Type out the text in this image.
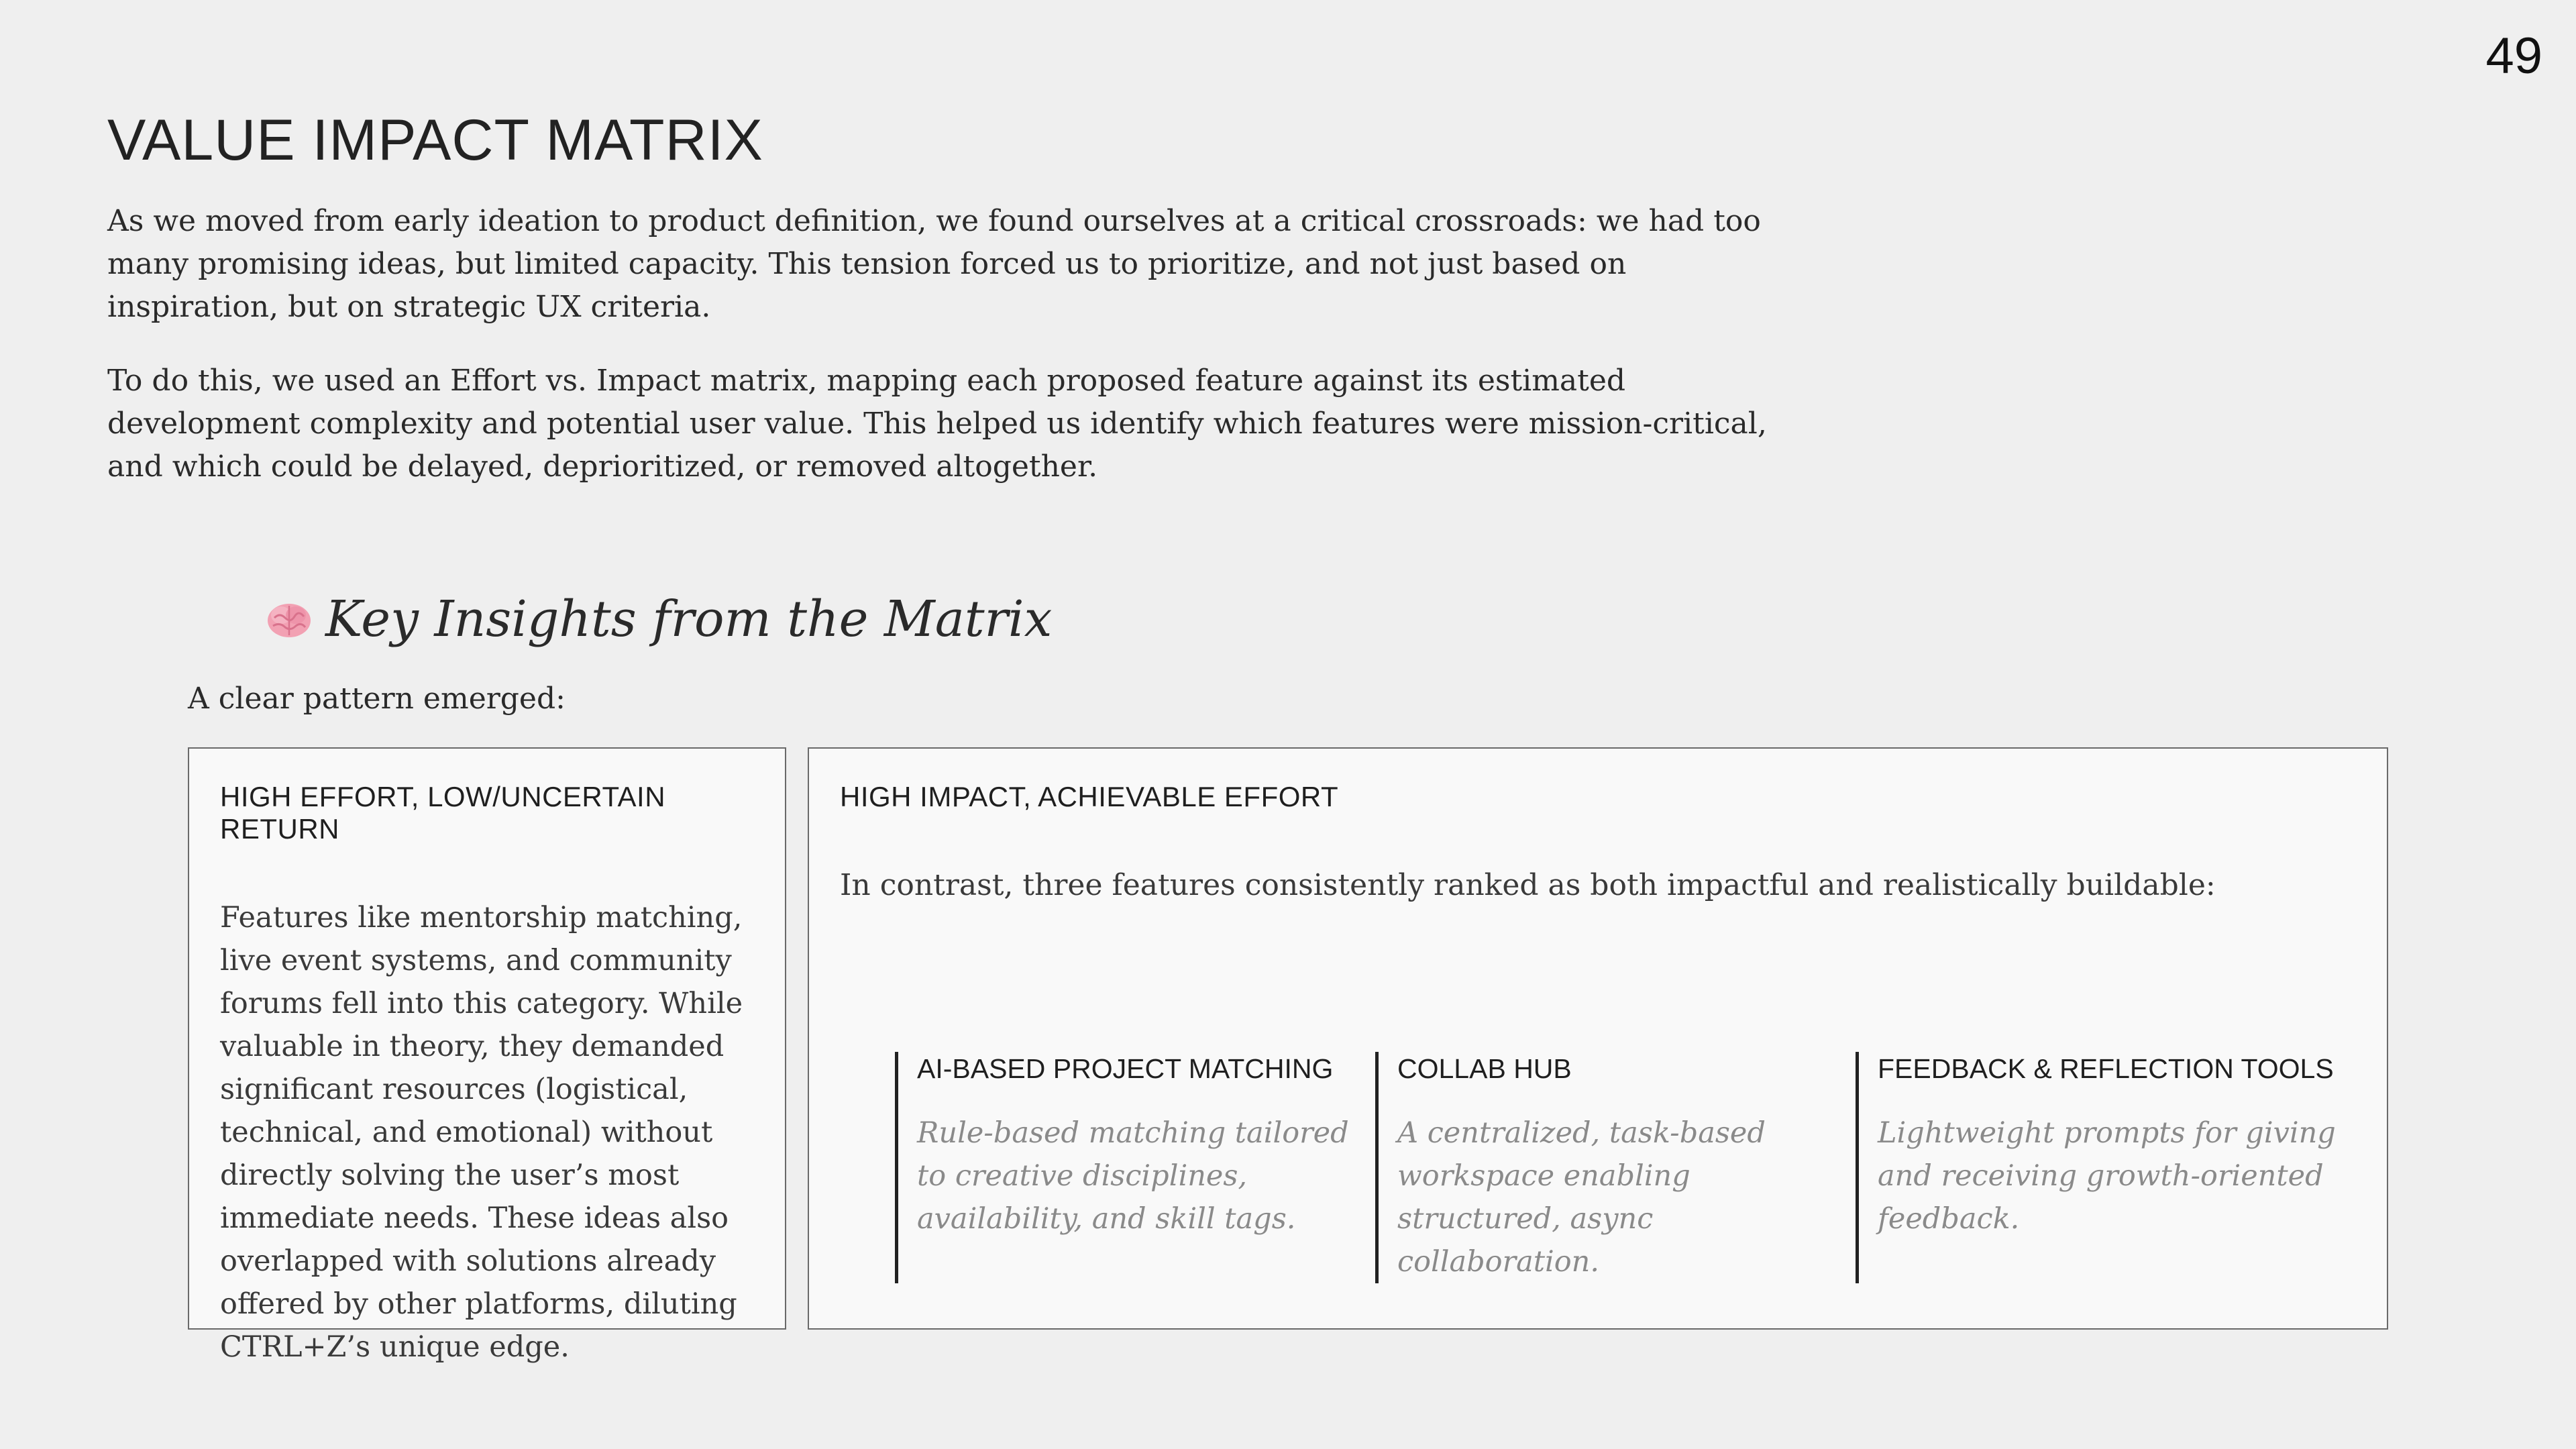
49
VALUE IMPACT MATRIX

As we moved from early ideation to product definition, we found ourselves at a critical crossroads: we had too many promising ideas, but limited capacity. This tension forced us to prioritize, and not just based on inspiration, but on strategic UX criteria.

To do this, we used an Effort vs. Impact matrix, mapping each proposed feature against its estimated development complexity and potential user value. This helped us identify which features were mission-critical, and which could be delayed, deprioritized, or removed altogether.

Key Insights from the Matrix
A clear pattern emerged:
HIGH EFFORT, LOW/UNCERTAIN RETURN
Features like mentorship matching, live event systems, and community forums fell into this category. While valuable in theory, they demanded significant resources (logistical, technical, and emotional) without directly solving the user’s most immediate needs. These ideas also overlapped with solutions already offered by other platforms, diluting CTRL+Z’s unique edge.
HIGH IMPACT, ACHIEVABLE EFFORT
In contrast, three features consistently ranked as both impactful and realistically buildable:
AI-BASED PROJECT MATCHING
Rule-based matching tailored to creative disciplines, availability, and skill tags.
COLLAB HUB
A centralized, task-based workspace enabling structured, async collaboration.
FEEDBACK & REFLECTION TOOLS
Lightweight prompts for giving and receiving growth-oriented feedback.
